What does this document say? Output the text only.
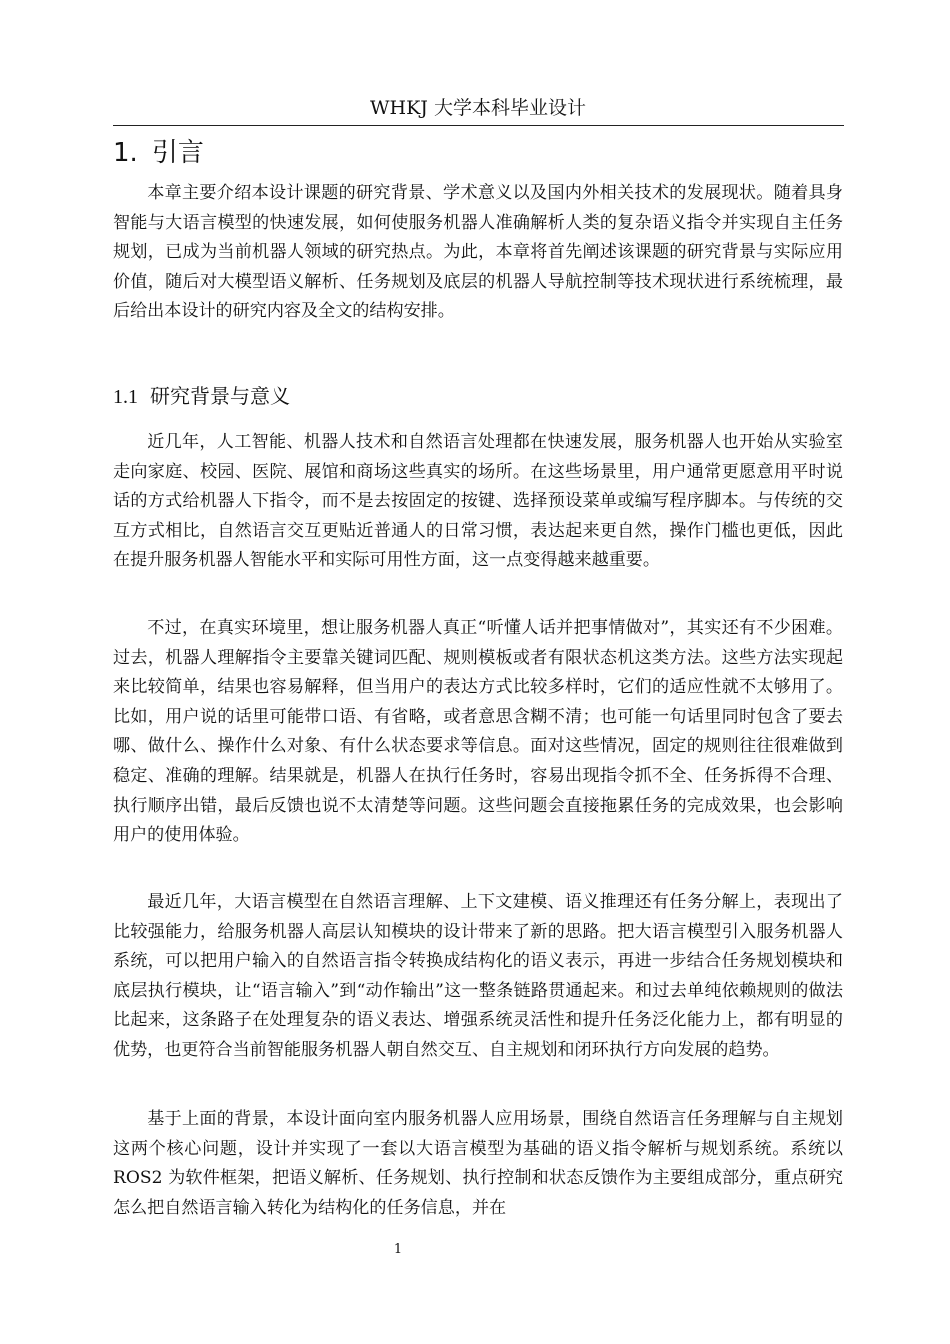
WHKJ 大学本科毕业设计
1. 引言

本章主要介绍本设计课题的研究背景、学术意义以及国内外相关技术的发展现状。随着具身智能与大语言模型的快速发展，如何使服务机器人准确解析人类的复杂语义指令并实现自主任务规划，已成为当前机器人领域的研究热点。为此，本章将首先阐述该课题的研究背景与实际应用价值，随后对大模型语义解析、任务规划及底层的机器人导航控制等技术现状进行系统梳理，最后给出本设计的研究内容及全文的结构安排。

1.1 研究背景与意义

近几年，人工智能、机器人技术和自然语言处理都在快速发展，服务机器人也开始从实验室走向家庭、校园、医院、展馆和商场这些真实的场所。在这些场景里，用户通常更愿意用平时说话的方式给机器人下指令，而不是去按固定的按键、选择预设菜单或编写程序脚本。与传统的交互方式相比，自然语言交互更贴近普通人的日常习惯，表达起来更自然，操作门槛也更低，因此在提升服务机器人智能水平和实际可用性方面，这一点变得越来越重要。

不过，在真实环境里，想让服务机器人真正“听懂人话并把事情做对”，其实还有不少困难。过去，机器人理解指令主要靠关键词匹配、规则模板或者有限状态机这类方法。这些方法实现起来比较简单，结果也容易解释，但当用户的表达方式比较多样时，它们的适应性就不太够用了。比如，用户说的话里可能带口语、有省略，或者意思含糊不清；也可能一句话里同时包含了要去哪、做什么、操作什么对象、有什么状态要求等信息。面对这些情况，固定的规则往往很难做到稳定、准确的理解。结果就是，机器人在执行任务时，容易出现指令抓不全、任务拆得不合理、执行顺序出错，最后反馈也说不太清楚等问题。这些问题会直接拖累任务的完成效果，也会影响用户的使用体验。

最近几年，大语言模型在自然语言理解、上下文建模、语义推理还有任务分解上，表现出了比较强能力，给服务机器人高层认知模块的设计带来了新的思路。把大语言模型引入服务机器人系统，可以把用户输入的自然语言指令转换成结构化的语义表示，再进一步结合任务规划模块和底层执行模块，让“语言输入”到“动作输出”这一整条链路贯通起来。和过去单纯依赖规则的做法比起来，这条路子在处理复杂的语义表达、增强系统灵活性和提升任务泛化能力上，都有明显的优势，也更符合当前智能服务机器人朝自然交互、自主规划和闭环执行方向发展的趋势。

基于上面的背景，本设计面向室内服务机器人应用场景，围绕自然语言任务理解与自主规划这两个核心问题，设计并实现了一套以大语言模型为基础的语义指令解析与规划系统。系统以 ROS2 为软件框架，把语义解析、任务规划、执行控制和状态反馈作为主要组成部分，重点研究怎么把自然语言输入转化为结构化的任务信息，并在

1
